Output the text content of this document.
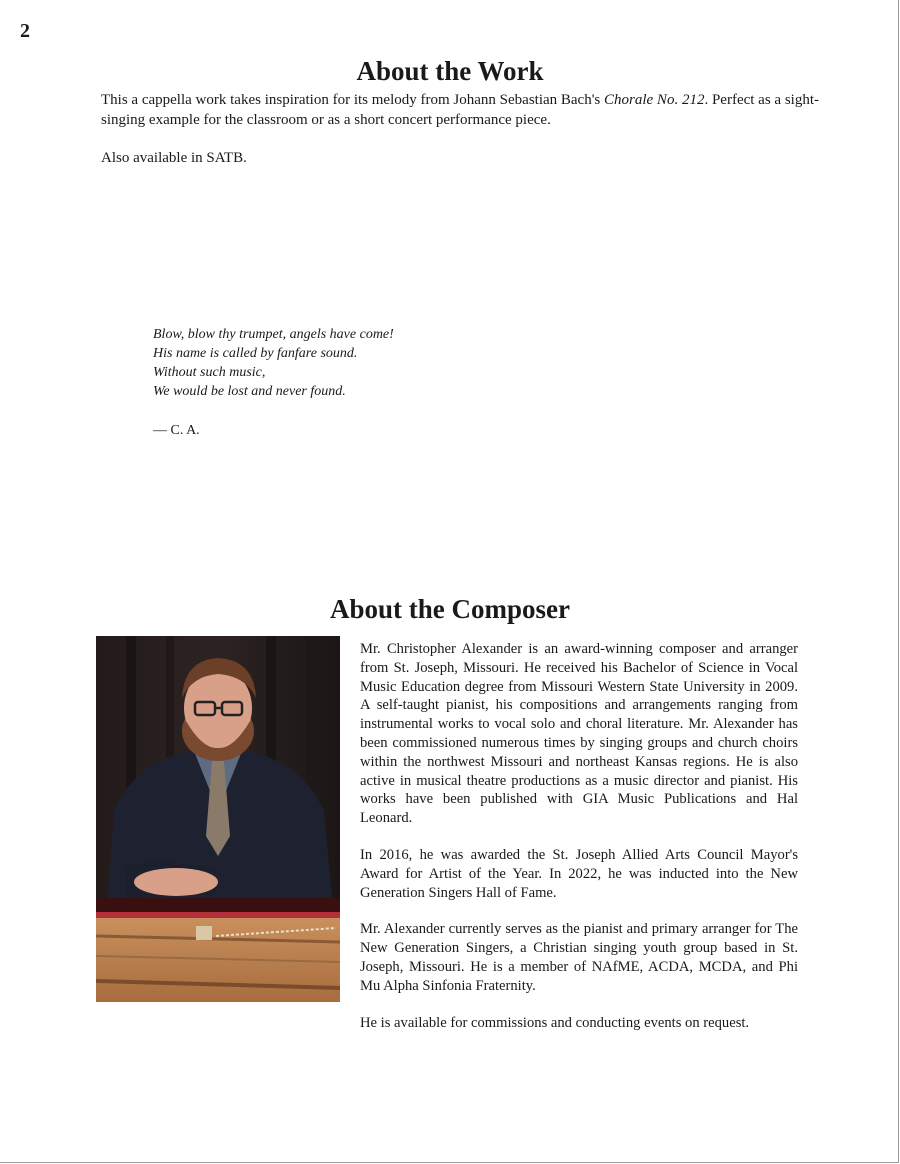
2
About the Work

This a cappella work takes inspiration for its melody from Johann Sebastian Bach's Chorale No. 212. Perfect as a sight-singing example for the classroom or as a short concert performance piece.

Also available in SATB.

Blow, blow thy trumpet, angels have come!
His name is called by fanfare sound.
Without such music,
We would be lost and never found.
— C. A.
About the Composer

Mr. Christopher Alexander is an award-winning composer and arranger from St. Joseph, Missouri. He received his Bachelor of Science in Vocal Music Education degree from Missouri Western State University in 2009. A self-taught pianist, his compositions and arrangements ranging from instrumental works to vocal solo and choral literature. Mr. Alexander has been commissioned numerous times by singing groups and church choirs within the northwest Missouri and northeast Kansas regions. He is also active in musical theatre productions as a music director and pianist. His works have been published with GIA Music Publications and Hal Leonard.

In 2016, he was awarded the St. Joseph Allied Arts Council Mayor's Award for Artist of the Year. In 2022, he was inducted into the New Generation Singers Hall of Fame.

Mr. Alexander currently serves as the pianist and primary arranger for The New Generation Singers, a Christian singing youth group based in St. Joseph, Missouri. He is a member of NAfME, ACDA, MCDA, and Phi Mu Alpha Sinfonia Fraternity.

He is available for commissions and conducting events on request.
